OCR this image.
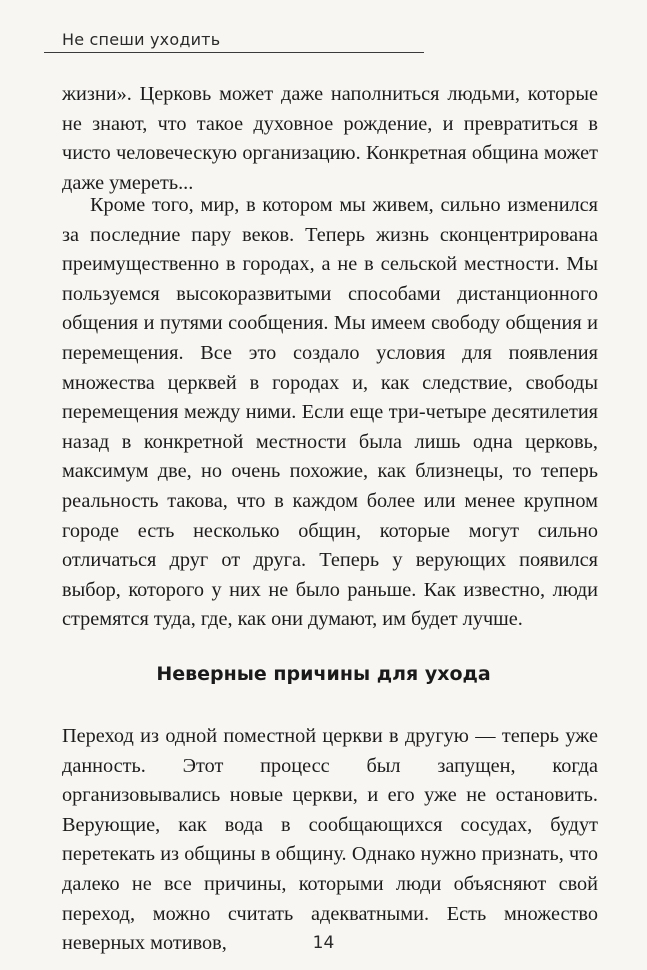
Не спеши уходить

жизни». Церковь может даже наполниться людьми, которые не знают, что такое духовное рождение, и превратиться в чисто человеческую организацию. Конкретная община может даже умереть...

Кроме того, мир, в котором мы живем, сильно изменился за последние пару веков. Теперь жизнь сконцентрирована преимущественно в городах, а не в сельской местности. Мы пользуемся высокоразвитыми способами дистанционного общения и путями сообщения. Мы имеем свободу общения и перемещения. Все это создало условия для появления множества церквей в городах и, как следствие, свободы перемещения между ними. Если еще три-четыре десятилетия назад в конкретной местности была лишь одна церковь, максимум две, но очень похожие, как близнецы, то теперь реальность такова, что в каждом более или менее крупном городе есть несколько общин, которые могут сильно отличаться друг от друга. Теперь у верующих появился выбор, которого у них не было раньше. Как известно, люди стремятся туда, где, как они думают, им будет лучше.

Неверные причины для ухода

Переход из одной поместной церкви в другую — теперь уже данность. Этот процесс был запущен, когда организовывались новые церкви, и его уже не остановить. Верующие, как вода в сообщающихся сосудах, будут перетекать из общины в общину. Однако нужно признать, что далеко не все причины, которыми люди объясняют свой переход, можно считать адекватными. Есть множество неверных мотивов,	14
